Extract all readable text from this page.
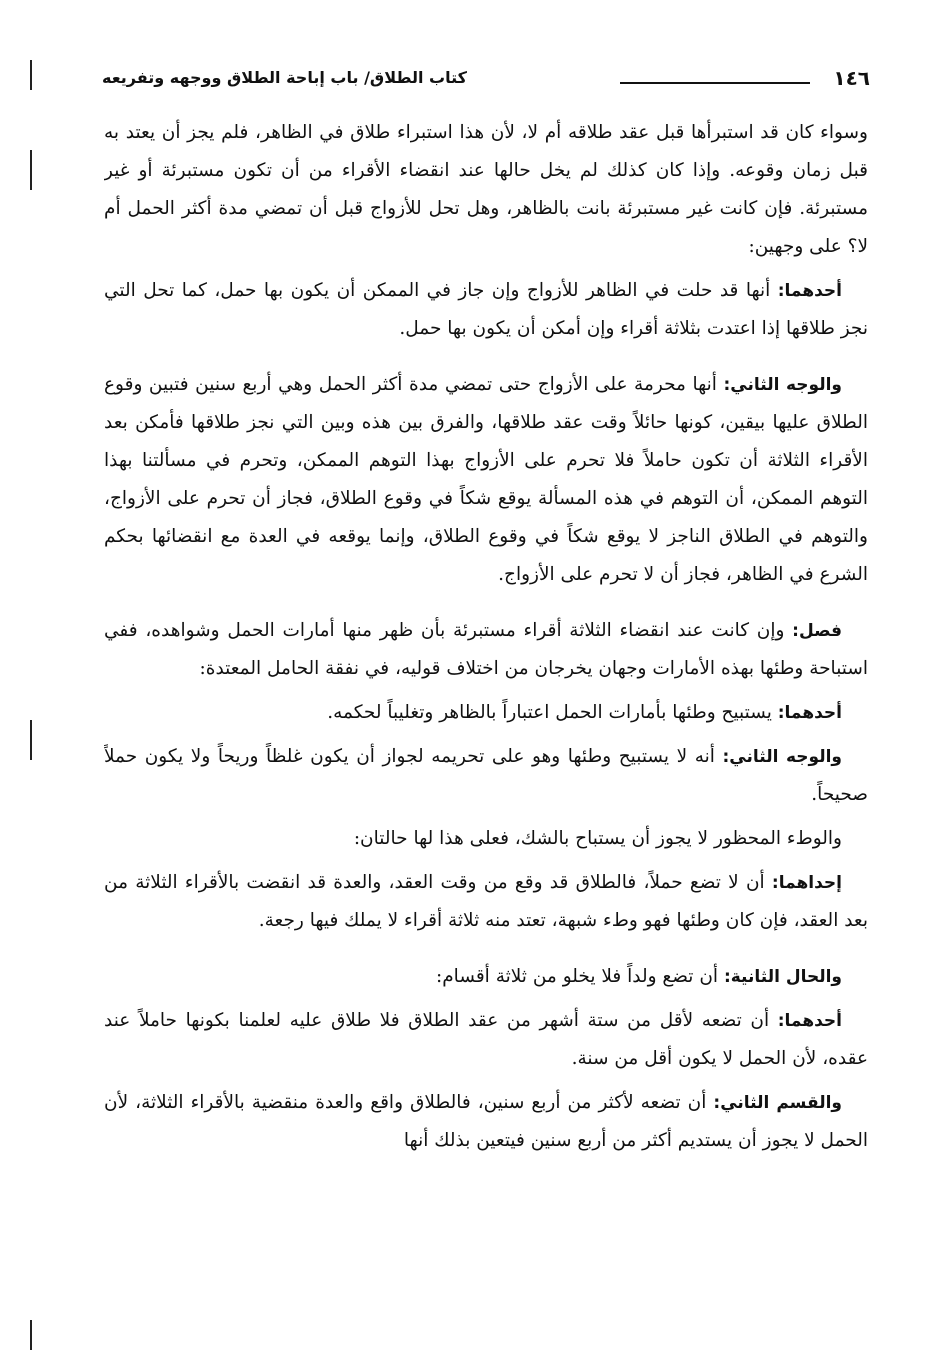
١٤٦
كتاب الطلاق/ باب إباحة الطلاق ووجهه وتفريعه

وسواء كان قد استبرأها قبل عقد طلاقه أم لا، لأن هذا استبراء طلاق في الظاهر، فلم يجز أن يعتد به قبل زمان وقوعه. وإذا كان كذلك لم يخل حالها عند انقضاء الأقراء من أن تكون مستبرئة أو غير مستبرئة. فإن كانت غير مستبرئة بانت بالظاهر، وهل تحل للأزواج قبل أن تمضي مدة أكثر الحمل أم لا؟ على وجهين:

أحدهما: أنها قد حلت في الظاهر للأزواج وإن جاز في الممكن أن يكون بها حمل، كما تحل التي نجز طلاقها إذا اعتدت بثلاثة أقراء وإن أمكن أن يكون بها حمل.

والوجه الثاني: أنها محرمة على الأزواج حتى تمضي مدة أكثر الحمل وهي أربع سنين فتبين وقوع الطلاق عليها بيقين، كونها حائلاً وقت عقد طلاقها، والفرق بين هذه وبين التي نجز طلاقها فأمكن بعد الأقراء الثلاثة أن تكون حاملاً فلا تحرم على الأزواج بهذا التوهم الممكن، وتحرم في مسألتنا بهذا التوهم الممكن، أن التوهم في هذه المسألة يوقع شكاً في وقوع الطلاق، فجاز أن تحرم على الأزواج، والتوهم في الطلاق الناجز لا يوقع شكاً في وقوع الطلاق، وإنما يوقعه في العدة مع انقضائها بحكم الشرع في الظاهر، فجاز أن لا تحرم على الأزواج.

فصل: وإن كانت عند انقضاء الثلاثة أقراء مستبرئة بأن ظهر منها أمارات الحمل وشواهده، ففي استباحة وطئها بهذه الأمارات وجهان يخرجان من اختلاف قوليه، في نفقة الحامل المعتدة:

أحدهما: يستبيح وطئها بأمارات الحمل اعتباراً بالظاهر وتغليباً لحكمه.

والوجه الثاني: أنه لا يستبيح وطئها وهو على تحريمه لجواز أن يكون غلظاً وريحاً ولا يكون حملاً صحيحاً.

والوطء المحظور لا يجوز أن يستباح بالشك، فعلى هذا لها حالتان:

إحداهما: أن لا تضع حملاً، فالطلاق قد وقع من وقت العقد، والعدة قد انقضت بالأقراء الثلاثة من بعد العقد، فإن كان وطئها فهو وطء شبهة، تعتد منه ثلاثة أقراء لا يملك فيها رجعة.

والحال الثانية: أن تضع ولداً فلا يخلو من ثلاثة أقسام:

أحدهما: أن تضعه لأقل من ستة أشهر من عقد الطلاق فلا طلاق عليه لعلمنا بكونها حاملاً عند عقده، لأن الحمل لا يكون أقل من سنة.

والقسم الثاني: أن تضعه لأكثر من أربع سنين، فالطلاق واقع والعدة منقضية بالأقراء الثلاثة، لأن الحمل لا يجوز أن يستديم أكثر من أربع سنين فيتعين بذلك أنها
